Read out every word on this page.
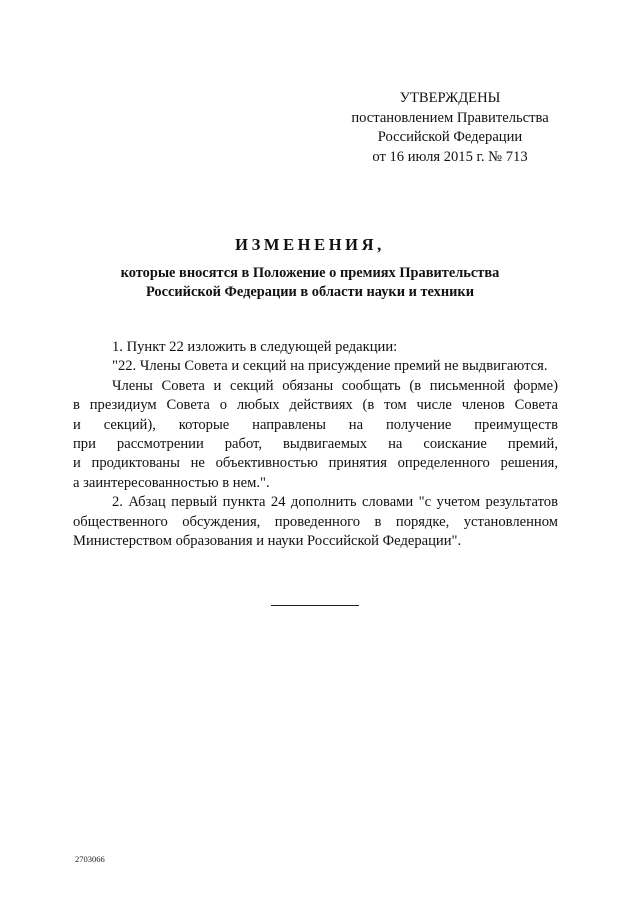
УТВЕРЖДЕНЫ
постановлением Правительства
Российской Федерации
от 16 июля 2015 г. № 713
ИЗМЕНЕНИЯ,
которые вносятся в Положение о премиях Правительства
Российской Федерации в области науки и техники

1. Пункт 22 изложить в следующей редакции:

"22. Члены Совета и секций на присуждение премий не выдвигаются.

Члены Совета и секций обязаны сообщать (в письменной форме)
в президиум Совета о любых действиях (в том числе членов Совета
и секций), которые направлены на получение преимуществ
при рассмотрении работ, выдвигаемых на соискание премий,
и продиктованы не объективностью принятия определенного решения,
а заинтересованностью в нем.".
2. Абзац первый пункта 24 дополнить словами "с учетом результатов
общественного обсуждения, проведенного в порядке, установленном
Министерством образования и науки Российской Федерации".
2703066
